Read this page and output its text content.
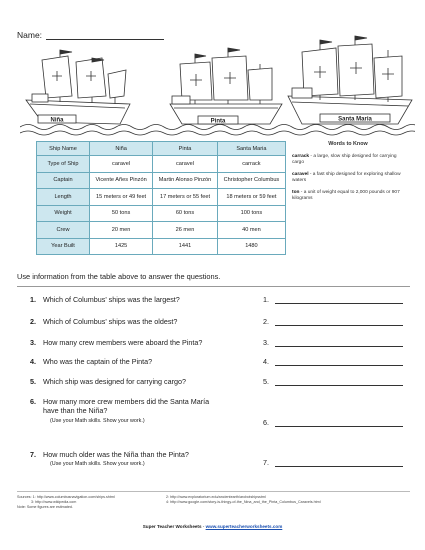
Name:
Niña	Pinta	Santa Maria
Ship Name	Niña	Pinta	Santa Maria
Type of Ship	caravel	caravel	carrack
Captain	Vicente Añes Pinzón	Martin Alonso Pinzón	Christopher Columbus
Length	15 meters or 49 feet	17 meters or 55 feet	18 meters or 59 feet
Weight	50 tons	60 tons	100 tons
Crew	20 men	26 men	40 men
Year Built	1425	1441	1480
Words to Know
carrack - a large, slow ship designed for carrying cargo
caravel - a fast ship designed for exploring shallow waters
ton - a unit of weight equal to 2,000 pounds or 907 kilograms
Use information from the table above to answer the questions.
1. Which of Columbus' ships was the largest?	1.
2. Which of Columbus' ships was the oldest?	2.
3. How many crew members were aboard the Pinta?	3.
4. Who was the captain of the Pinta?	4.
5. Which ship was designed for carrying cargo?	5.
6. How many more crew members did the Santa María have than the Niña?
(Use your Math skills. Show your work.)	6.
7. How much older was the Niña than the Pinta?
(Use your Math skills. Show your work.)	7.
Sources: 1: http://www.columbusnavigation.com/ships.shtml
3: http://www.wikipedia.com
Note: Some figures are estimated.
2: http://www.exploratorium.edu/ancientearth/arobotshipsstml
4: http://www.google.com/story-is-thingy-of-the_Nina_and_the_Pinta_Columbus_Caravels.html
Super Teacher Worksheets - www.superteacherworksheets.com
